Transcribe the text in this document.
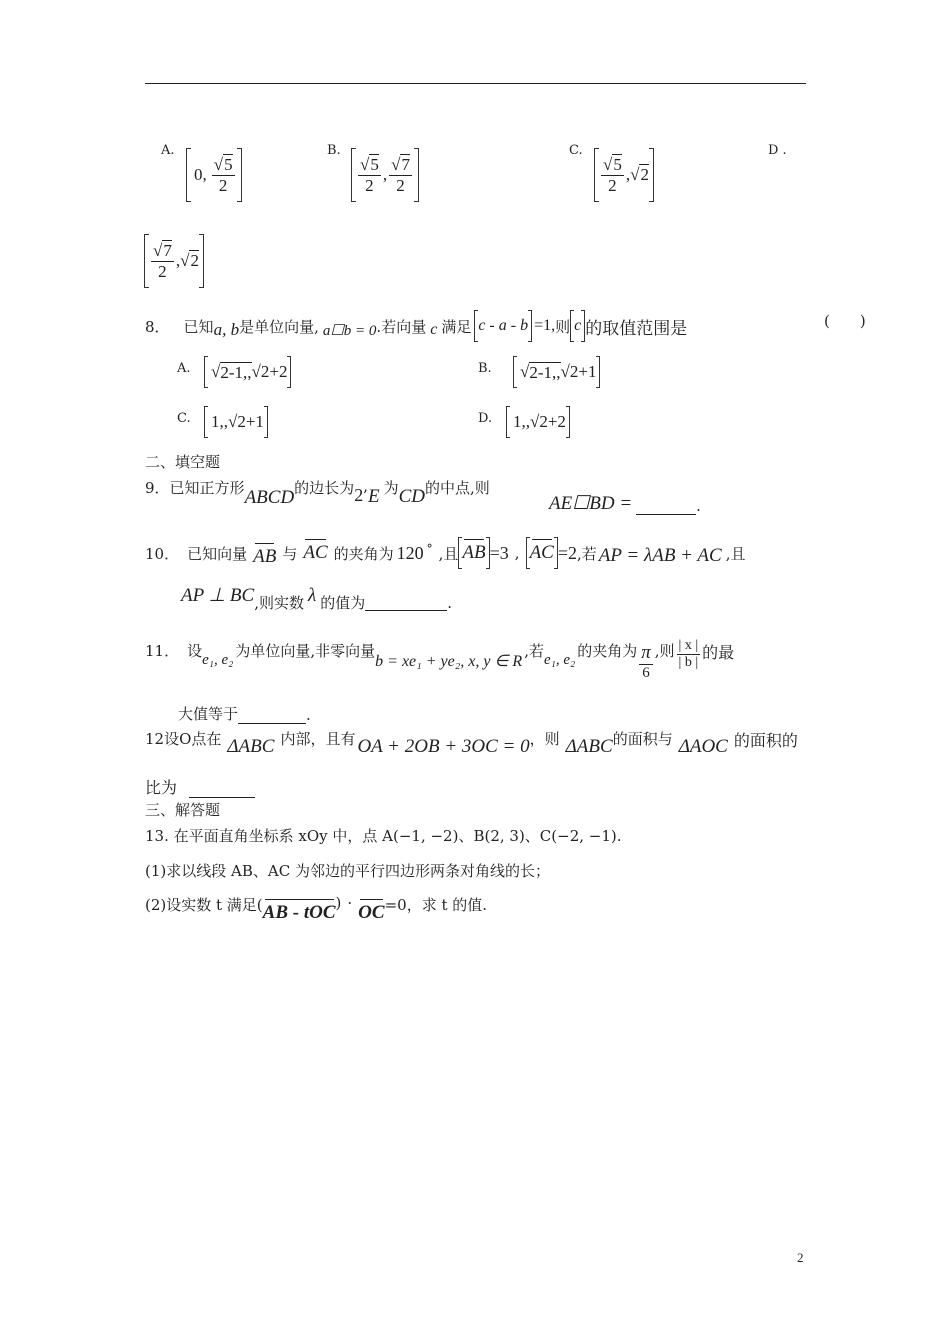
A.
0, $\frac{√5}{2}$
B.
$\frac{√5}{2}$ , $\frac{√7}{2}$
C.
$\frac{√5}{2}$ , √2
D .
$\frac{√7}{2}$ , √2
8． 已知 a, b 是单位向量, a☐b = 0 .若向量 c 满足 c - a - b =1, 则 c 的取值范围是	(　　)
A. √ 2-1,, √ 2+2	B. √ 2-1,, √ 2+1
C. 1,, √ 2+1	D. 1,, √ 2+2
二、填空题
9． 已知正方形 ABCD 的边长为 2 , E 为 CD 的中点,则
AE☐BD =	.
10． 已知向量 AB 与 AC 的夹角为 120 ° ,且 AB =3 , AC =2 ,若 AP = λAB + AC ,且
AP ⊥ BC ,则实数 λ 的值为	.
11． 设 e₁, e₂ 为单位向量,非零向量
b = xe₁ + ye₂, x, y ∈ R
,若 e₁, e₂ 的夹角为 $\frac{\pi}{6}$ ,则 $\frac{| x |}{| b |}$ 的最
大值等于	.
12设O点在 ΔABC 内部，且有 OA + 2OB + 3OC = 0 ，则 ΔABC 的面积与 ΔAOC 的面积的
比为
三、解答题
13. 在平面直角坐标系 xOy 中，点 A(−1, −2)、B(2, 3)、C(−2, −1).
(1)求以线段 AB、AC 为邻边的平行四边形两条对角线的长；
(2)设实数 t 满足( AB - tOC ) · OC =0，求 t 的值.
2
